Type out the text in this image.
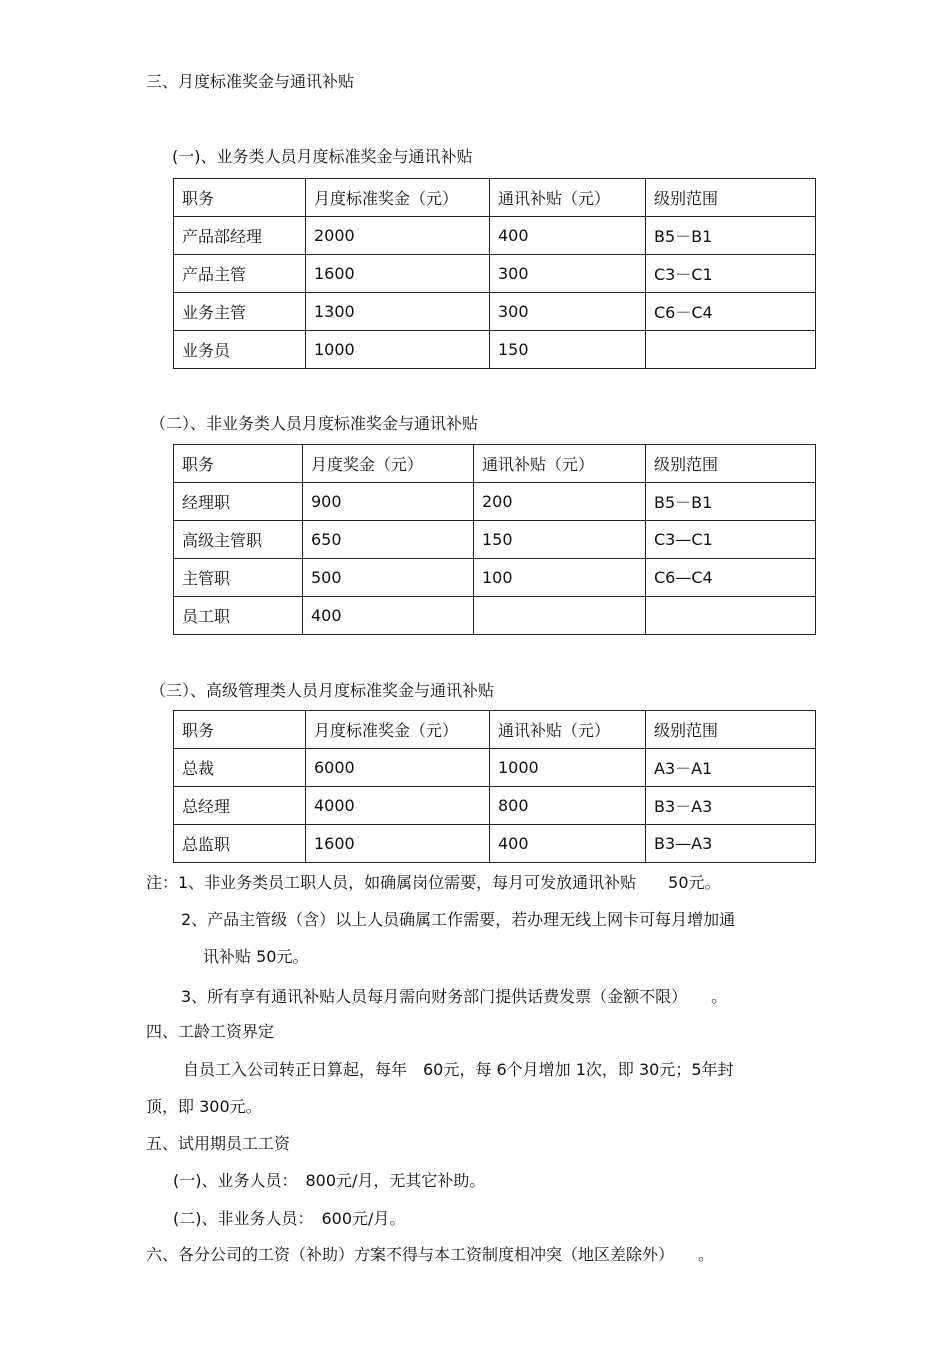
三、月度标准奖金与通讯补贴
(一)、业务类人员月度标准奖金与通讯补贴
职务	月度标准奖金（元）	通讯补贴（元）	级别范围
产品部经理	2000	400	B5－B1
产品主管	1600	300	C3－C1
业务主管	1300	300	C6－C4
业务员	1000	150	
（二）、非业务类人员月度标准奖金与通讯补贴
职务	月度奖金（元）	通讯补贴（元）	级别范围
经理职	900	200	B5－B1
高级主管职	650	150	C3—C1
主管职	500	100	C6—C4
员工职	400		
（三）、高级管理类人员月度标准奖金与通讯补贴
职务	月度标准奖金（元）	通讯补贴（元）	级别范围
总裁	6000	1000	A3－A1
总经理	4000	800	B3－A3
总监职	1600	400	B3—A3
注：1、非业务类员工职人员，如确属岗位需要，每月可发放通讯补贴　　50元。
2、产品主管级（含）以上人员确属工作需要，若办理无线上网卡可每月增加通
讯补贴 50元。
3、所有享有通讯补贴人员每月需向财务部门提供话费发票（金额不限）　　。
四、工龄工资界定
自员工入公司转正日算起，每年　60元，每 6个月增加 1次，即 30元；5年封
顶，即 300元。
五、试用期员工工资
(一)、业务人员：　800元/月，无其它补助。
(二)、非业务人员：　600元/月。
六、各分公司的工资（补助）方案不得与本工资制度相冲突（地区差除外）　　。
